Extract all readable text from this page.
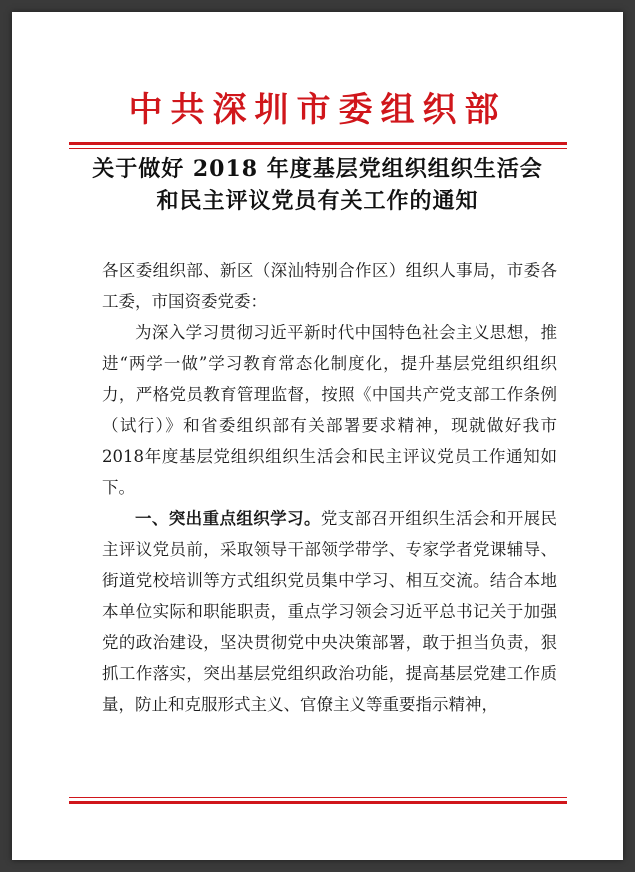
中共深圳市委组织部
关于做好 2018 年度基层党组织组织生活会
和民主评议党员有关工作的通知

各区委组织部、新区（深汕特别合作区）组织人事局，市委各工委，市国资委党委：

为深入学习贯彻习近平新时代中国特色社会主义思想，推进“两学一做”学习教育常态化制度化，提升基层党组织组织力，严格党员教育管理监督，按照《中国共产党支部工作条例（试行）》和省委组织部有关部署要求精神，现就做好我市2018年度基层党组织组织生活会和民主评议党员工作通知如下。

一、突出重点组织学习。党支部召开组织生活会和开展民主评议党员前，采取领导干部领学带学、专家学者党课辅导、街道党校培训等方式组织党员集中学习、相互交流。结合本地本单位实际和职能职责，重点学习领会习近平总书记关于加强党的政治建设，坚决贯彻党中央决策部署，敢于担当负责，狠抓工作落实，突出基层党组织政治功能，提高基层党建工作质量，防止和克服形式主义、官僚主义等重要指示精神，
